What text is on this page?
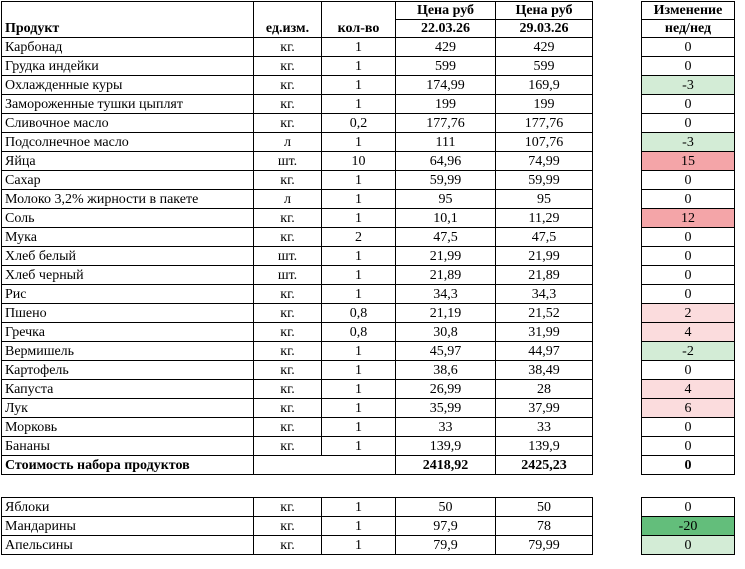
Продукт	ед.изм.	кол-во	Цена руб	Цена руб		Изменение
			22.03.26	29.03.26		нед/нед
Карбонад	кг.	1	429	429		0
Грудка индейки	кг.	1	599	599		0
Охлажденные куры	кг.	1	174,99	169,9		-3
Замороженные тушки цыплят	кг.	1	199	199		0
Сливочное масло	кг.	0,2	177,76	177,76		0
Подсолнечное масло	л	1	111	107,76		-3
Яйца	шт.	10	64,96	74,99		15
Сахар	кг.	1	59,99	59,99		0
Молоко 3,2% жирности в пакете	л	1	95	95		0
Соль	кг.	1	10,1	11,29		12
Мука	кг.	2	47,5	47,5		0
Хлеб белый	шт.	1	21,99	21,99		0
Хлеб черный	шт.	1	21,89	21,89		0
Рис	кг.	1	34,3	34,3		0
Пшено	кг.	0,8	21,19	21,52		2
Гречка	кг.	0,8	30,8	31,99		4
Вермишель	кг.	1	45,97	44,97		-2
Картофель	кг.	1	38,6	38,49		0
Капуста	кг.	1	26,99	28		4
Лук	кг.	1	35,99	37,99		6
Морковь	кг.	1	33	33		0
Бананы	кг.	1	139,9	139,9		0
Стоимость набора продуктов			2418,92	2425,23		0
Яблоки	кг.	1	50	50		0
Мандарины	кг.	1	97,9	78		-20
Апельсины	кг.	1	79,9	79,99		0
